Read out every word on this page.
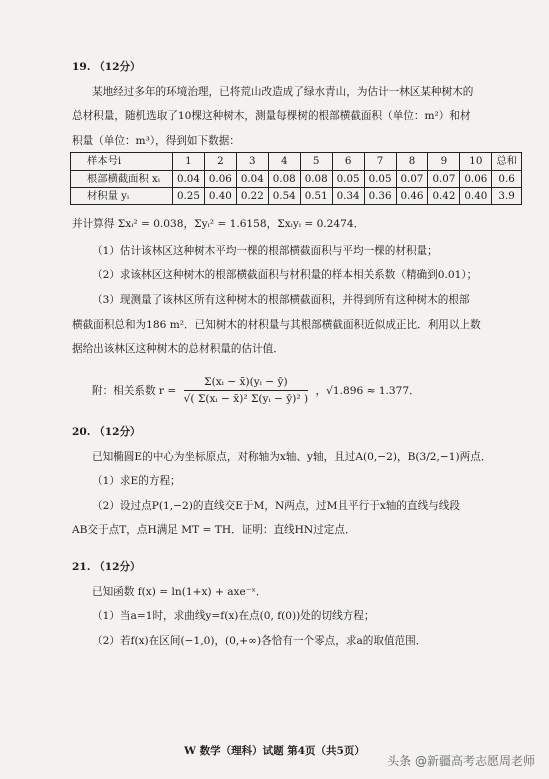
19. （12分）
某地经过多年的环境治理，已将荒山改造成了绿水青山，为估计一林区某种树木的
总材积量，随机选取了10棵这种树木，测量每棵树的根部横截面积（单位：m²）和材
积量（单位：m³），得到如下数据：
样本号i	1	2	3	4	5	6	7	8	9	10	总和
根部横截面积 xᵢ	0.04	0.06	0.04	0.08	0.08	0.05	0.05	0.07	0.07	0.06	0.6
材积量 yᵢ	0.25	0.40	0.22	0.54	0.51	0.34	0.36	0.46	0.42	0.40	3.9
并计算得 Σxᵢ² = 0.038，Σyᵢ² = 1.6158，Σxᵢyᵢ = 0.2474．
（1）估计该林区这种树木平均一棵的根部横截面积与平均一棵的材积量；
（2）求该林区这种树木的根部横截面积与材积量的样本相关系数（精确到0.01）；
（3）现测量了该林区所有这种树木的根部横截面积，并得到所有这种树木的根部
横截面积总和为186 m²．已知树木的材积量与其根部横截面积近似成正比．利用以上数
据给出该林区这种树木的总材积量的估计值．
附：相关系数 $r = \frac{\text{Σ(xᵢ − x̄)(yᵢ − ȳ)}}{\text{√( Σ(xᵢ − x̄)² Σ(yᵢ − ȳ)² )}}$ ，√1.896 ≈ 1.377．
20. （12分）
已知椭圆E的中心为坐标原点，对称轴为x轴、y轴，且过A(0,−2)，B(3/2,−1)两点．
（1）求E的方程；
（2）设过点P(1,−2)的直线交E于M，N两点，过M且平行于x轴的直线与线段
AB交于点T，点H满足 MT = TH．证明：直线HN过定点．
21. （12分）
已知函数 f(x) = ln(1+x) + axe⁻ˣ．
（1）当a=1时，求曲线y=f(x)在点(0, f(0))处的切线方程；
（2）若f(x)在区间(−1,0)，(0,+∞)各恰有一个零点，求a的取值范围．
W 数学（理科）试题 第4页（共5页）
头条 @新疆高考志愿周老师
